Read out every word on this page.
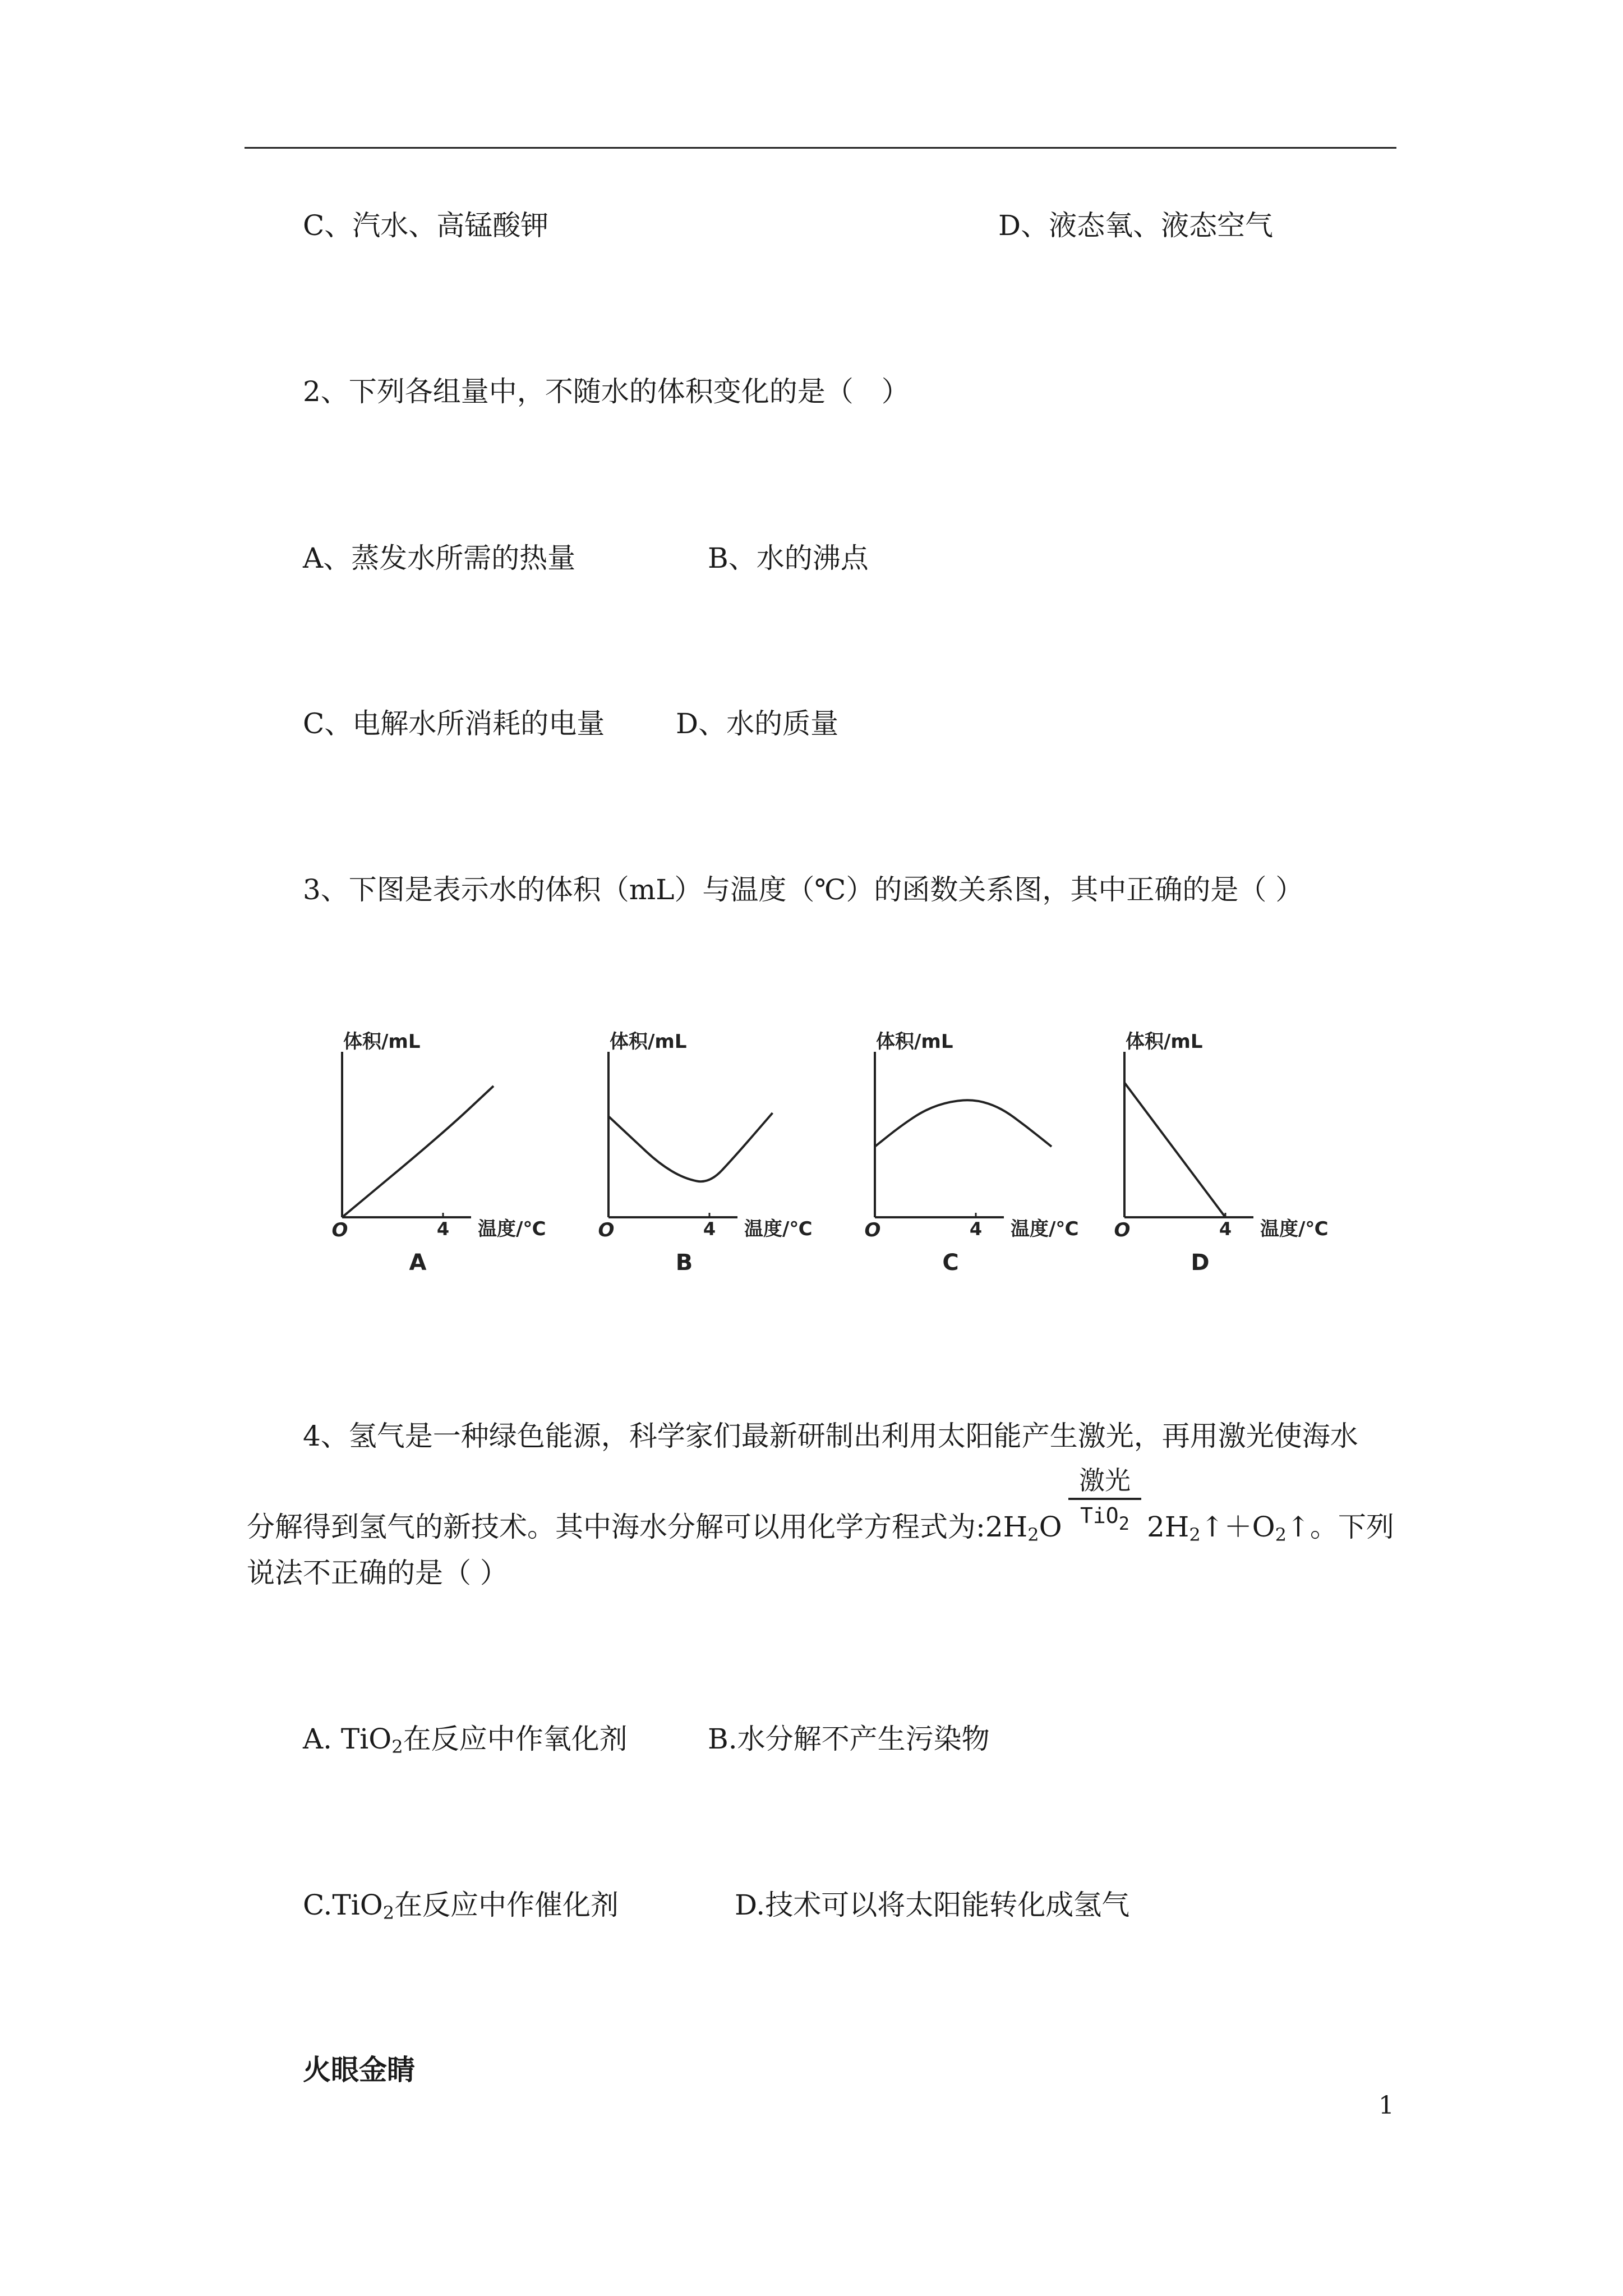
C、汽水、高锰酸钾	D、液态氧、液态空气
2、下列各组量中，不随水的体积变化的是（　）
A、蒸发水所需的热量	B、水的沸点
C、电解水所消耗的电量	D、水的质量
3、下图是表示水的体积（mL）与温度（℃）的函数关系图，其中正确的是（ ）
体积/mL
温度/℃
O	4
A
体积/mL
温度/℃
O	4
B
体积/mL
温度/℃
O	4
C
体积/mL
温度/℃
O	4
D
4、氢气是一种绿色能源，科学家们最新研制出利用太阳能产生激光，再用激光使海水
分解得到氢气的新技术。其中海水分解可以用化学方程式为$:2H_2O$
激光
TiO$_2$ $2H_2↑+O_2↑$。下列
说法不正确的是（ ）
A. TiO$_2$在反应中作氧化剂	B.水分解不产生污染物
C.TiO$_2$在反应中作催化剂	D.技术可以将太阳能转化成氢气
火眼金睛
1
